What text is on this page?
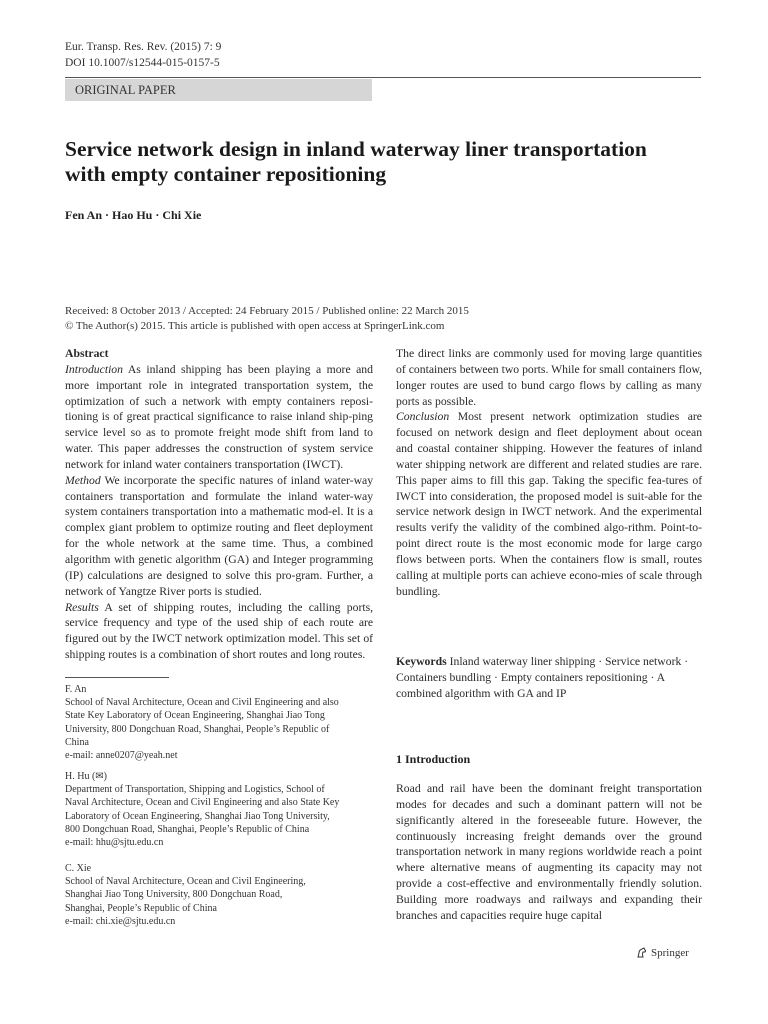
Eur. Transp. Res. Rev. (2015) 7: 9
DOI 10.1007/s12544-015-0157-5
ORIGINAL PAPER
Service network design in inland waterway liner transportation
with empty container repositioning
Fen An · Hao Hu · Chi Xie
Received: 8 October 2013 / Accepted: 24 February 2015 / Published online: 22 March 2015
© The Author(s) 2015. This article is published with open access at SpringerLink.com

Abstract

Introduction As inland shipping has been playing a more and more important role in integrated transportation system, the optimization of such a network with empty containers reposi-tioning is of great practical significance to raise inland ship-ping service level so as to promote freight mode shift from land to water. This paper addresses the construction of system service network for inland water containers transportation (IWCT).

Method We incorporate the specific natures of inland water-way containers transportation and formulate the inland water-way system containers transportation into a mathematic mod-el. It is a complex giant problem to optimize routing and fleet deployment for the whole network at the same time. Thus, a combined algorithm with genetic algorithm (GA) and Integer programming (IP) calculations are designed to solve this pro-gram. Further, a network of Yangtze River ports is studied.

Results A set of shipping routes, including the calling ports, service frequency and type of the used ship of each route are figured out by the IWCT network optimization model. This set of shipping routes is a combination of short routes and long routes.

The direct links are commonly used for moving large quantities of containers between two ports. While for small containers flow, longer routes are used to bund cargo flows by calling as many ports as possible.

Conclusion Most present network optimization studies are focused on network design and fleet deployment about ocean and coastal container shipping. However the features of inland water shipping network are different and related studies are rare. This paper aims to fill this gap. Taking the specific fea-tures of IWCT into consideration, the proposed model is suit-able for the service network design in IWCT network. And the experimental results verify the validity of the combined algo-rithm. Point-to-point direct route is the most economic mode for large cargo flows between ports. When the containers flow is small, routes calling at multiple ports can achieve econo-mies of scale through bundling.

F. An

School of Naval Architecture, Ocean and Civil Engineering and also

State Key Laboratory of Ocean Engineering, Shanghai Jiao Tong

University, 800 Dongchuan Road, Shanghai, People’s Republic of

China

e-mail: anne0207@yeah.net

H. Hu (✉)

Department of Transportation, Shipping and Logistics, School of

Naval Architecture, Ocean and Civil Engineering and also State Key

Laboratory of Ocean Engineering, Shanghai Jiao Tong University,

800 Dongchuan Road, Shanghai, People’s Republic of China

e-mail: hhu@sjtu.edu.cn

C. Xie

School of Naval Architecture, Ocean and Civil Engineering,

Shanghai Jiao Tong University, 800 Dongchuan Road,

Shanghai, People’s Republic of China

e-mail: chi.xie@sjtu.edu.cn

Keywords Inland waterway liner shipping · Service network · Containers bundling · Empty containers repositioning · A combined algorithm with GA and IP
1 Introduction

Road and rail have been the dominant freight transportation modes for decades and such a dominant pattern will not be significantly altered in the foreseeable future. However, the continuously increasing freight demands over the ground transportation network in many regions worldwide reach a point where alternative means of augmenting its capacity may not provide a cost-effective and environmentally friendly solution. Building more roadways and railways and expanding their branches and capacities require huge capital

Springer
